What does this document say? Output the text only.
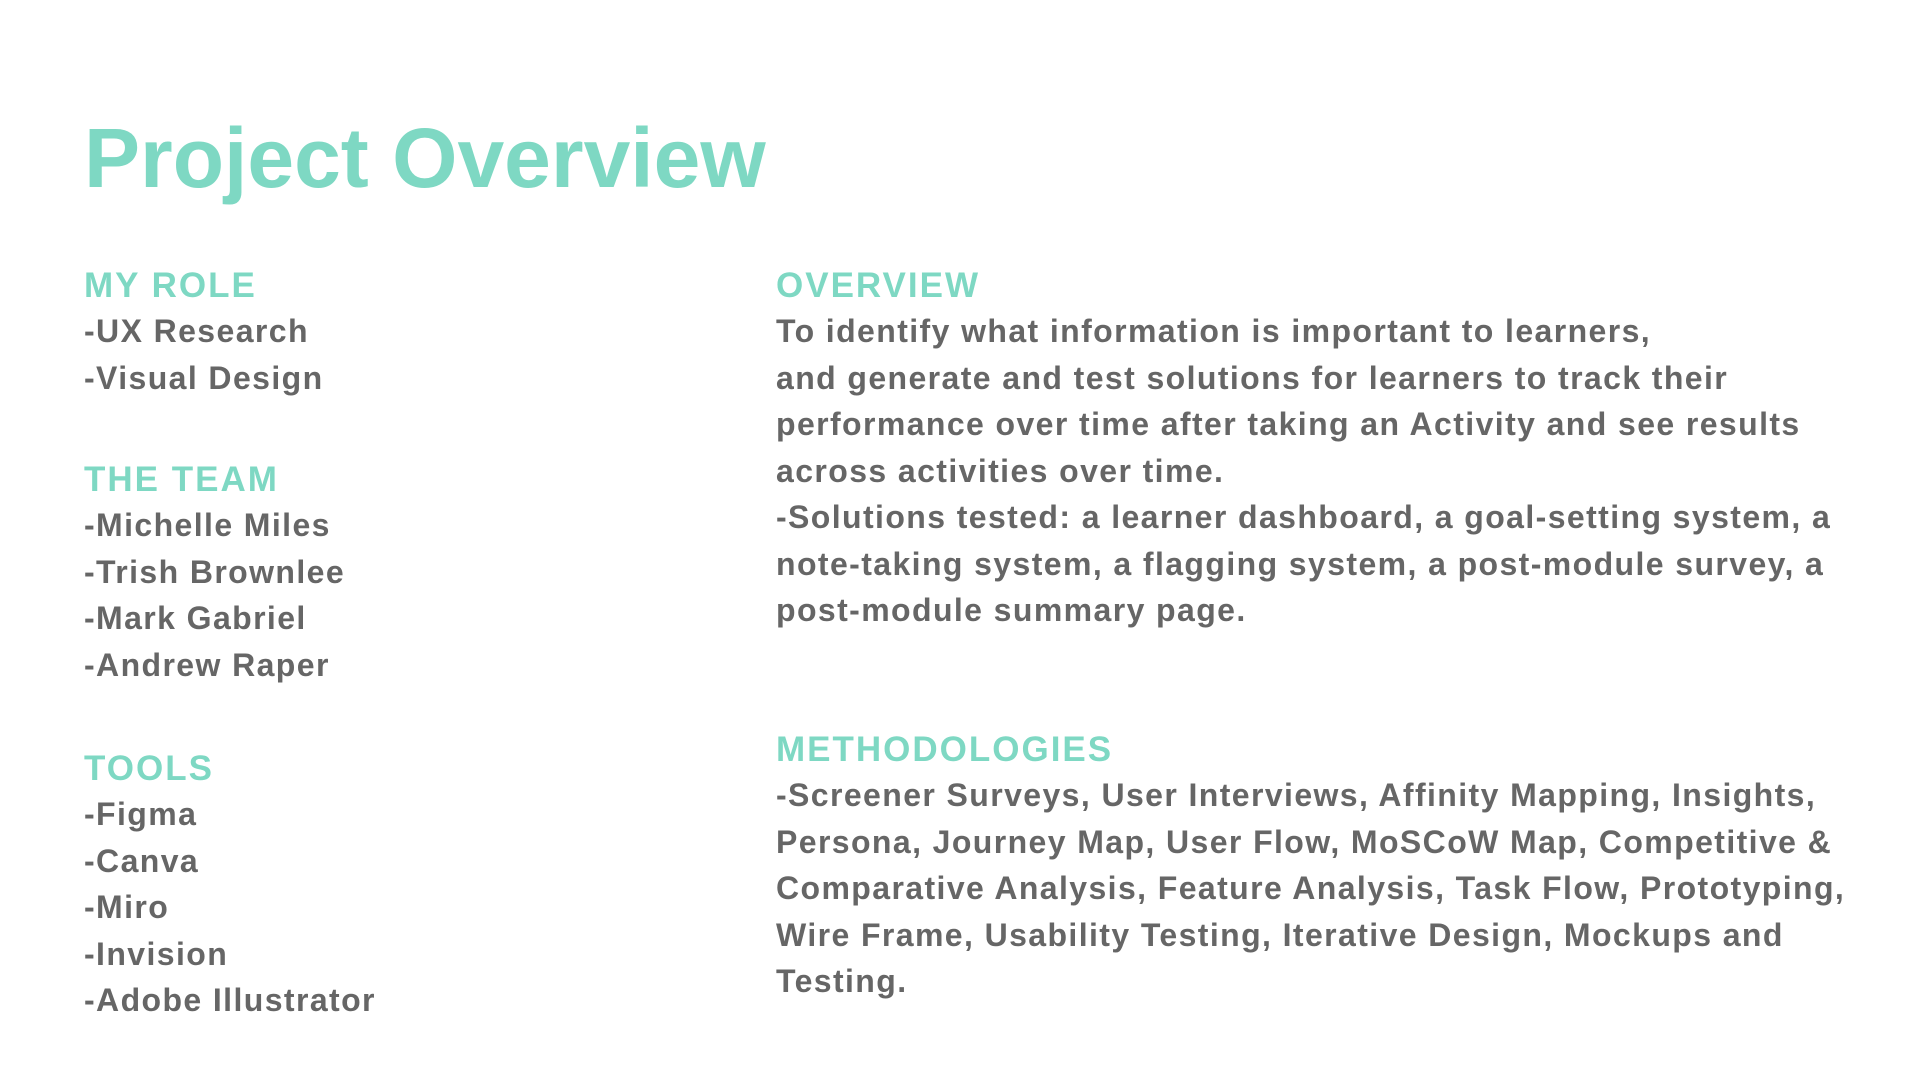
Project Overview
MY ROLE
-UX Research
-Visual Design
THE TEAM
-Michelle Miles
-Trish Brownlee
-Mark Gabriel
-Andrew Raper
TOOLS
-Figma
-Canva
-Miro
-Invision
-Adobe Illustrator
OVERVIEW
To identify what information is important to learners,
and generate and test solutions for learners to track their
performance over time after taking an Activity and see results
across activities over time.
-Solutions tested: a learner dashboard, a goal-setting system, a
note-taking system, a flagging system, a post-module survey, a
post-module summary page.
METHODOLOGIES
-Screener Surveys, User Interviews, Affinity Mapping, Insights,
Persona, Journey Map, User Flow, MoSCoW Map, Competitive &
Comparative Analysis, Feature Analysis, Task Flow, Prototyping,
Wire Frame, Usability Testing, Iterative Design, Mockups and
Testing.
